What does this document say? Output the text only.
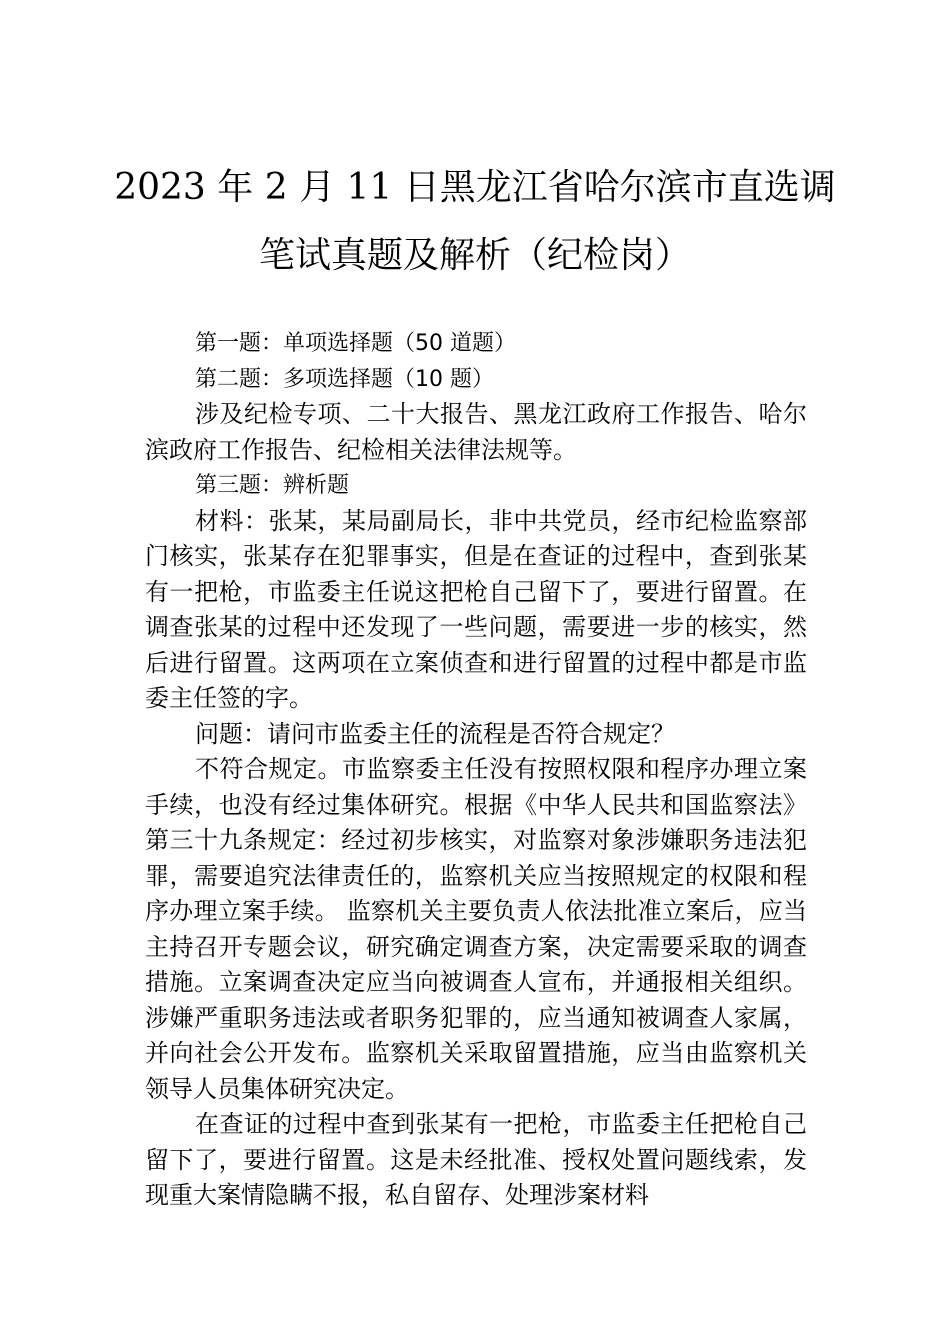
2023 年 2 月 11 日黑龙江省哈尔滨市直选调
笔试真题及解析（纪检岗）

第一题：单项选择题（50 道题）

第二题：多项选择题（10 题）

涉及纪检专项、二十大报告、黑龙江政府工作报告、哈尔滨政府工作报告、纪检相关法律法规等。

第三题：辨析题

材料：张某，某局副局长，非中共党员，经市纪检监察部门核实，张某存在犯罪事实，但是在查证的过程中，查到张某有一把枪，市监委主任说这把枪自己留下了，要进行留置。在调查张某的过程中还发现了一些问题，需要进一步的核实，然后进行留置。这两项在立案侦查和进行留置的过程中都是市监委主任签的字。

问题：请问市监委主任的流程是否符合规定？

不符合规定。市监察委主任没有按照权限和程序办理立案手续，也没有经过集体研究。根据《中华人民共和国监察法》第三十九条规定：经过初步核实，对监察对象涉嫌职务违法犯罪，需要追究法律责任的，监察机关应当按照规定的权限和程序办理立案手续。 监察机关主要负责人依法批准立案后，应当主持召开专题会议，研究确定调查方案，决定需要采取的调查措施。立案调查决定应当向被调查人宣布，并通报相关组织。涉嫌严重职务违法或者职务犯罪的，应当通知被调查人家属，并向社会公开发布。监察机关采取留置措施，应当由监察机关领导人员集体研究决定。

在查证的过程中查到张某有一把枪，市监委主任把枪自己留下了，要进行留置。这是未经批准、授权处置问题线索，发现重大案情隐瞒不报，私自留存、处理涉案材料
